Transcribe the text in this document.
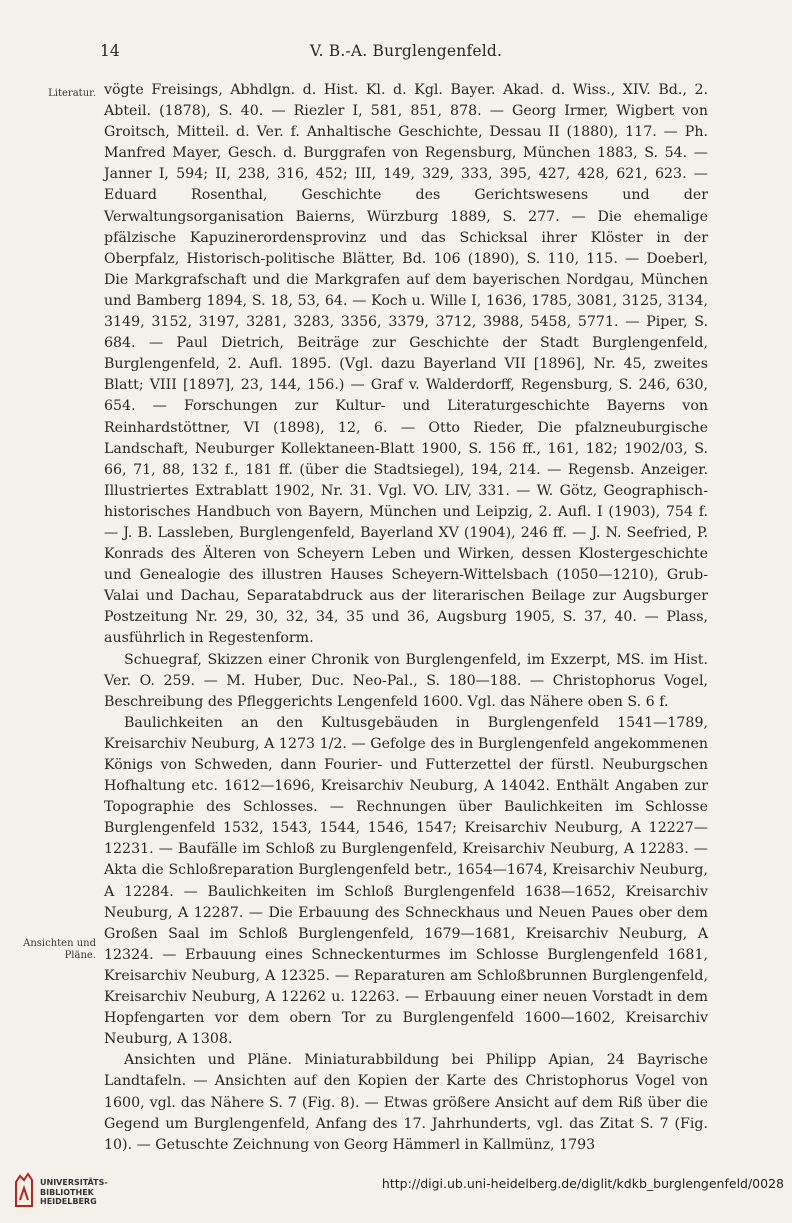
14	V. B.-A. Burglengenfeld.
Literatur.
Ansichten und Pläne.

vögte Freisings, Abhdlgn. d. Hist. Kl. d. Kgl. Bayer. Akad. d. Wiss., XIV. Bd., 2. Abteil. (1878), S. 40. — Riezler I, 581, 851, 878. — Georg Irmer, Wigbert von Groitsch, Mitteil. d. Ver. f. Anhaltische Geschichte, Dessau II (1880), 117. — Ph. Manfred Mayer, Gesch. d. Burggrafen von Regensburg, München 1883, S. 54. — Janner I, 594; II, 238, 316, 452; III, 149, 329, 333, 395, 427, 428, 621, 623. — Eduard Rosenthal, Geschichte des Gerichtswesens und der Verwaltungsorganisation Baierns, Würzburg 1889, S. 277. — Die ehemalige pfälzische Kapuzinerordensprovinz und das Schicksal ihrer Klöster in der Oberpfalz, Historisch-politische Blätter, Bd. 106 (1890), S. 110, 115. — Doeberl, Die Markgrafschaft und die Markgrafen auf dem bayerischen Nordgau, München und Bamberg 1894, S. 18, 53, 64. — Koch u. Wille I, 1636, 1785, 3081, 3125, 3134, 3149, 3152, 3197, 3281, 3283, 3356, 3379, 3712, 3988, 5458, 5771. — Piper, S. 684. — Paul Dietrich, Beiträge zur Geschichte der Stadt Burglengenfeld, Burglengenfeld, 2. Aufl. 1895. (Vgl. dazu Bayerland VII [1896], Nr. 45, zweites Blatt; VIII [1897], 23, 144, 156.) — Graf v. Walderdorff, Regensburg, S. 246, 630, 654. — Forschungen zur Kultur- und Literaturgeschichte Bayerns von Reinhardstöttner, VI (1898), 12, 6. — Otto Rieder, Die pfalzneuburgische Landschaft, Neuburger Kollektaneen-Blatt 1900, S. 156 ff., 161, 182; 1902/03, S. 66, 71, 88, 132 f., 181 ff. (über die Stadtsiegel), 194, 214. — Regensb. Anzeiger. Illustriertes Extrablatt 1902, Nr. 31. Vgl. VO. LIV, 331. — W. Götz, Geographisch-historisches Handbuch von Bayern, München und Leipzig, 2. Aufl. I (1903), 754 f. — J. B. Lassleben, Burglengenfeld, Bayerland XV (1904), 246 ff. — J. N. Seefried, P. Konrads des Älteren von Scheyern Leben und Wirken, dessen Klostergeschichte und Genealogie des illustren Hauses Scheyern-Wittelsbach (1050—1210), Grub-Valai und Dachau, Separatabdruck aus der literarischen Beilage zur Augsburger Postzeitung Nr. 29, 30, 32, 34, 35 und 36, Augsburg 1905, S. 37, 40. — Plass, ausführlich in Regestenform.

Schuegraf, Skizzen einer Chronik von Burglengenfeld, im Exzerpt, MS. im Hist. Ver. O. 259. — M. Huber, Duc. Neo-Pal., S. 180—188. — Christophorus Vogel, Beschreibung des Pfleggerichts Lengenfeld 1600. Vgl. das Nähere oben S. 6 f.

Baulichkeiten an den Kultusgebäuden in Burglengenfeld 1541—1789, Kreisarchiv Neuburg, A 1273 1/2. — Gefolge des in Burglengenfeld angekommenen Königs von Schweden, dann Fourier- und Futterzettel der fürstl. Neuburgschen Hofhaltung etc. 1612—1696, Kreisarchiv Neuburg, A 14042. Enthält Angaben zur Topographie des Schlosses. — Rechnungen über Baulichkeiten im Schlosse Burglengenfeld 1532, 1543, 1544, 1546, 1547; Kreisarchiv Neuburg, A 12227—12231. — Baufälle im Schloß zu Burglengenfeld, Kreisarchiv Neuburg, A 12283. — Akta die Schloßreparation Burglengenfeld betr., 1654—1674, Kreisarchiv Neuburg, A 12284. — Baulichkeiten im Schloß Burglengenfeld 1638—1652, Kreisarchiv Neuburg, A 12287. — Die Erbauung des Schneckhaus und Neuen Paues ober dem Großen Saal im Schloß Burglengenfeld, 1679—1681, Kreisarchiv Neuburg, A 12324. — Erbauung eines Schneckenturmes im Schlosse Burglengenfeld 1681, Kreisarchiv Neuburg, A 12325. — Reparaturen am Schloßbrunnen Burglengenfeld, Kreisarchiv Neuburg, A 12262 u. 12263. — Erbauung einer neuen Vorstadt in dem Hopfengarten vor dem obern Tor zu Burglengenfeld 1600—1602, Kreisarchiv Neuburg, A 1308.

Ansichten und Pläne. Miniaturabbildung bei Philipp Apian, 24 Bayrische Landtafeln. — Ansichten auf den Kopien der Karte des Christophorus Vogel von 1600, vgl. das Nähere S. 7 (Fig. 8). — Etwas größere Ansicht auf dem Riß über die Gegend um Burglengenfeld, Anfang des 17. Jahrhunderts, vgl. das Zitat S. 7 (Fig. 10). — Getuschte Zeichnung von Georg Hämmerl in Kallmünz, 1793

UNIVERSITÄTS-
BIBLIOTHEK
HEIDELBERG
http://digi.ub.uni-heidelberg.de/diglit/kdkb_burglengenfeld/0028
